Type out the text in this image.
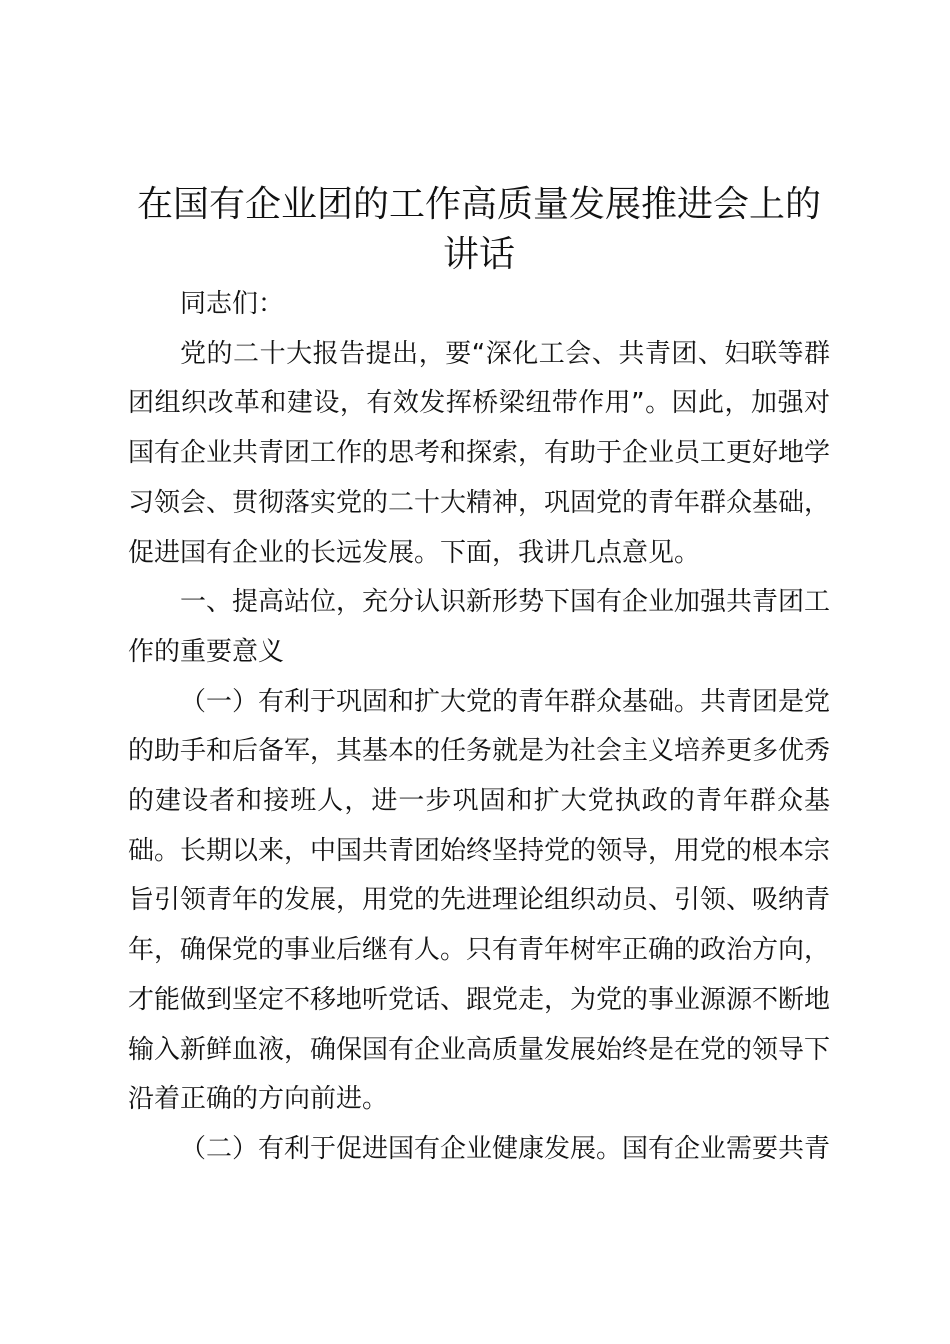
在国有企业团的工作高质量发展推进会上的讲话

同志们：

党的二十大报告提出，要“深化工会、共青团、妇联等群团组织改革和建设，有效发挥桥梁纽带作用”。因此，加强对国有企业共青团工作的思考和探索，有助于企业员工更好地学习领会、贯彻落实党的二十大精神，巩固党的青年群众基础，促进国有企业的长远发展。下面，我讲几点意见。

一、提高站位，充分认识新形势下国有企业加强共青团工作的重要意义

（一）有利于巩固和扩大党的青年群众基础。共青团是党的助手和后备军，其基本的任务就是为社会主义培养更多优秀的建设者和接班人，进一步巩固和扩大党执政的青年群众基础。长期以来，中国共青团始终坚持党的领导，用党的根本宗旨引领青年的发展，用党的先进理论组织动员、引领、吸纳青年，确保党的事业后继有人。只有青年树牢正确的政治方向，才能做到坚定不移地听党话、跟党走，为党的事业源源不断地输入新鲜血液，确保国有企业高质量发展始终是在党的领导下沿着正确的方向前进。

（二）有利于促进国有企业健康发展。国有企业需要共青
